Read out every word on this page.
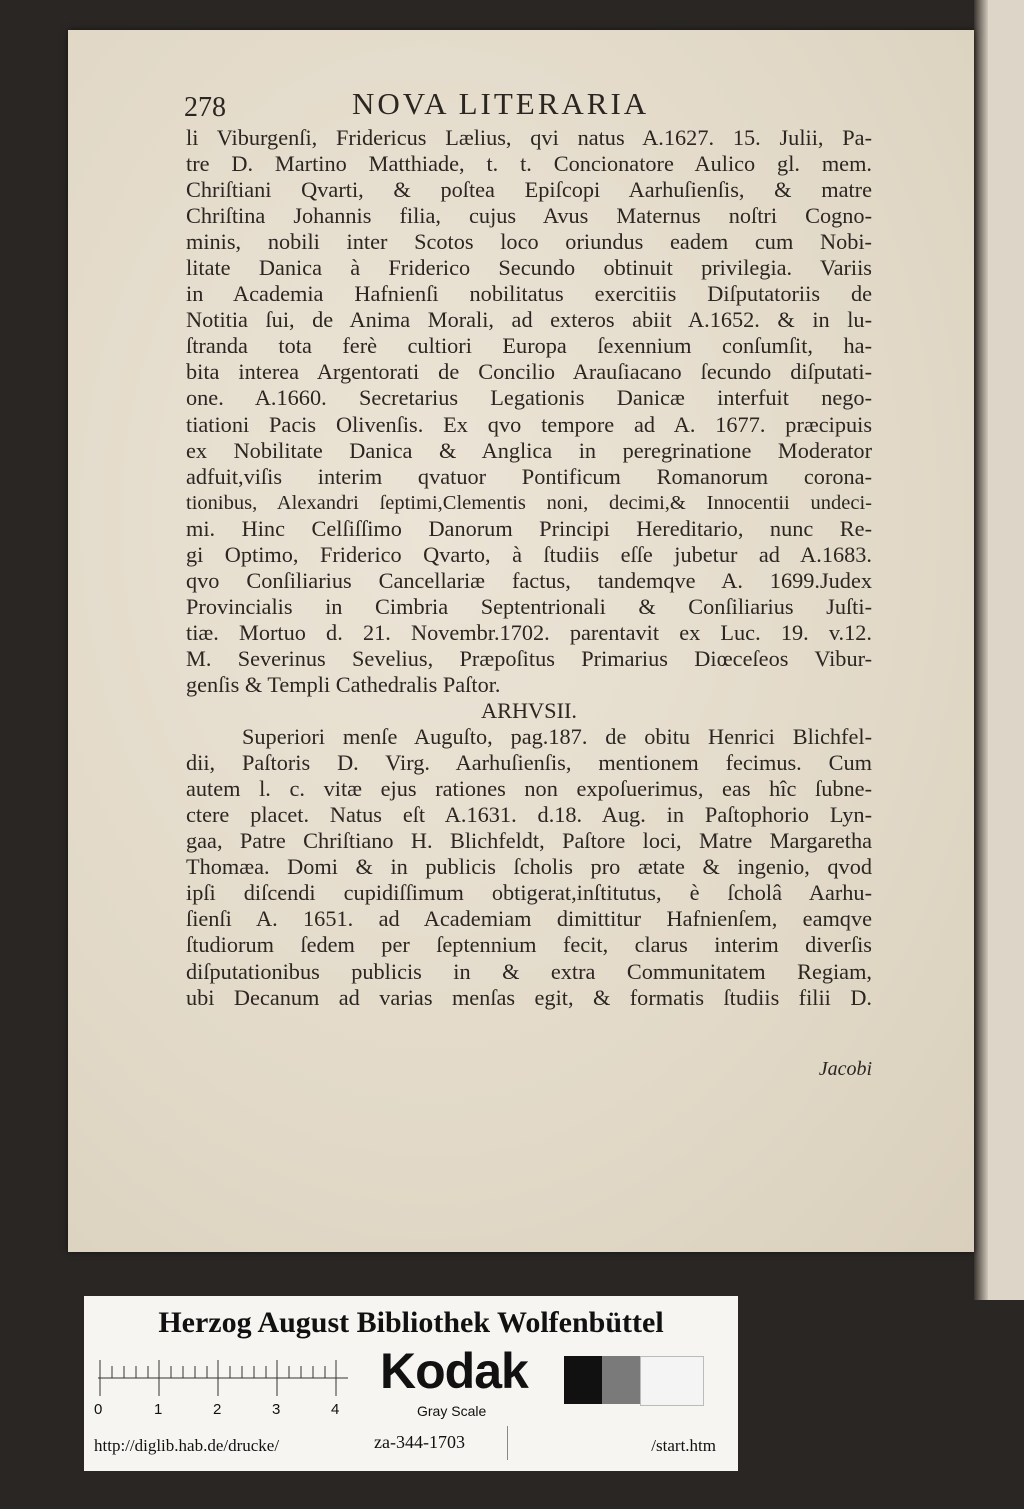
278	NOVA LITERARIA
li Viburgenſi, Fridericus Lælius, qvi natus A.1627. 15. Julii, Pa-
tre D. Martino Matthiade, t. t. Concionatore Aulico gl. mem.
Chriſtiani Qvarti, & poſtea Epiſcopi Aarhuſienſis, & matre
Chriſtina Johannis filia, cujus Avus Maternus noſtri Cogno-
minis, nobili inter Scotos loco oriundus eadem cum Nobi-
litate Danica à Friderico Secundo obtinuit privilegia. Variis
in Academia Hafnienſi nobilitatus exercitiis Diſputatoriis de
Notitia ſui, de Anima Morali, ad exteros abiit A.1652. & in lu-
ſtranda tota ferè cultiori Europa ſexennium conſumſit, ha-
bita interea Argentorati de Concilio Arauſiacano ſecundo diſputati-
one. A.1660. Secretarius Legationis Danicæ interfuit nego-
tiationi Pacis Olivenſis. Ex qvo tempore ad A. 1677. præcipuis
ex Nobilitate Danica & Anglica in peregrinatione Moderator
adfuit,viſis interim qvatuor Pontificum Romanorum corona-
tionibus, Alexandri ſeptimi,Clementis noni, decimi,& Innocentii undeci-
mi. Hinc Celſiſſimo Danorum Principi Hereditario, nunc Re-
gi Optimo, Friderico Qvarto, à ſtudiis eſſe jubetur ad A.1683.
qvo Conſiliarius Cancellariæ factus, tandemqve A. 1699.Judex
Provincialis in Cimbria Septentrionali & Conſiliarius Juſti-
tiæ. Mortuo d. 21. Novembr.1702. parentavit ex Luc. 19. v.12.
M. Severinus Sevelius, Præpoſitus Primarius Diœceſeos Vibur-
genſis & Templi Cathedralis Paſtor.
ARHVSII.
Superiori menſe Auguſto, pag.187. de obitu Henrici Blichfel-
dii, Paſtoris D. Virg. Aarhuſienſis, mentionem fecimus. Cum
autem l. c. vitæ ejus rationes non expoſuerimus, eas hîc ſubne-
ctere placet. Natus eſt A.1631. d.18. Aug. in Paſtophorio Lyn-
gaa, Patre Chriſtiano H. Blichfeldt, Paſtore loci, Matre Margaretha
Thomæa. Domi & in publicis ſcholis pro ætate & ingenio, qvod
ipſi diſcendi cupidiſſimum obtigerat,inſtitutus, è ſcholâ Aarhu-
ſienſi A. 1651. ad Academiam dimittitur Hafnienſem, eamqve
ſtudiorum ſedem per ſeptennium fecit, clarus interim diverſis
diſputationibus publicis in & extra Communitatem Regiam,
ubi Decanum ad varias menſas egit, & formatis ſtudiis filii D.
Jacobi
Herzog August Bibliothek Wolfenbüttel
0	1	2	3	4
Kodak
Gray Scale
http://diglib.hab.de/drucke/	za-344-1703	/start.htm
